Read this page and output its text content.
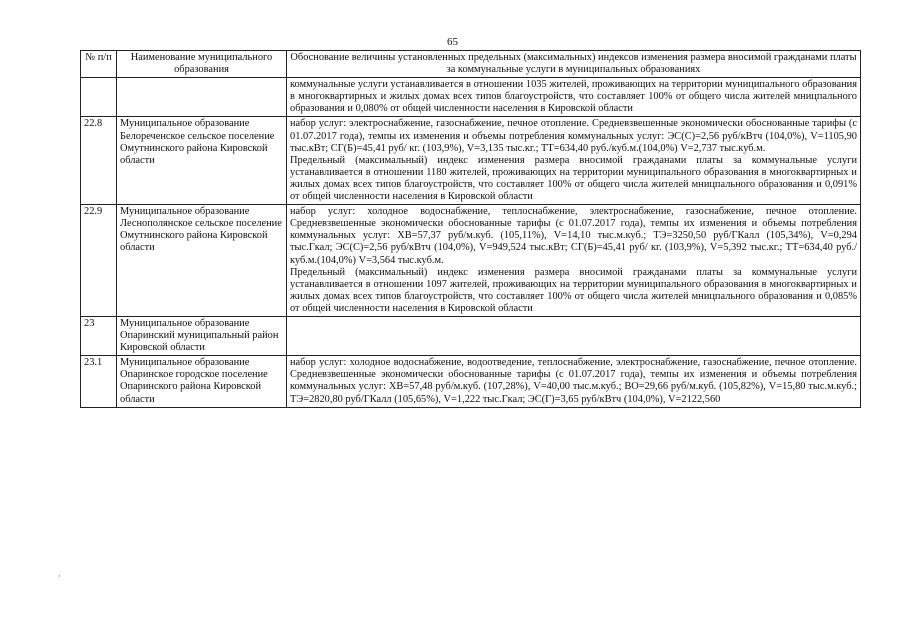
65
№ п/п	Наименование муниципального образования	Обоснование величины установленных предельных (максимальных) индексов изменения размера вносимой гражданами платы за коммунальные услуги в муниципальных образованиях

		коммунальные услуги устанавливается в отношении 1035 жителей, проживающих на территории муниципального образования в многоквартирных и жилых домах всех типов благоустройств, что составляет 100% от общего числа жителей мницпального образования и 0,080% от общей численности населения в Кировской области

22.8	Муниципальное образование Белореченское сельское поселение Омутнинского района Кировской области	набор услуг: электроснабжение, газоснабжение, печное отопление. Средневзвешенные экономически обоснованные тарифы (с 01.07.2017 года), темпы их изменения и объемы потребления коммунальных услуг: ЭС(С)=2,56 руб/кВтч (104,0%), V=1105,90 тыс.кВт; СГ(Б)=45,41 руб/ кг. (103,9%), V=3,135 тыс.кг.; ТТ=634,40 руб./куб.м.(104,0%) V=2,737 тыс.куб.м.
Предельный (максимальный) индекс изменения размера вносимой гражданами платы за коммунальные услуги устанавливается в отношении 1180 жителей, проживающих на территории муниципального образования в многоквартирных и жилых домах всех типов благоустройств, что составляет 100% от общего числа жителей мницпального образования и 0,091% от общей численности населения в Кировской области

22.9	Муниципальное образование Леснополянское сельское поселение Омутнинского района Кировской области	набор услуг: холодное водоснабжение, теплоснабжение, электроснабжение, газоснабжение, печное отопление. Средневзвешенные экономически обоснованные тарифы (с 01.07.2017 года), темпы их изменения и объемы потребления коммунальных услуг: ХВ=57,37 руб/м.куб. (105,11%), V=14,10 тыс.м.куб.; ТЭ=3250,50 руб/ГКалл (105,34%), V=0,294 тыс.Гкал; ЭС(С)=2,56 руб/кВтч (104,0%), V=949,524 тыс.кВт; СГ(Б)=45,41 руб/ кг. (103,9%), V=5,392 тыс.кг.; ТТ=634,40 руб./куб.м.(104,0%) V=3,564 тыс.куб.м.
Предельный (максимальный) индекс изменения размера вносимой гражданами платы за коммунальные услуги устанавливается в отношении 1097 жителей, проживающих на территории муниципального образования в многоквартирных и жилых домах всех типов благоустройств, что составляет 100% от общего числа жителей мницпального образования и 0,085% от общей численности населения в Кировской области

23	Муниципальное образование Опаринский муниципальный район Кировской области	
23.1	Муниципальное образование Опаринское городское поселение Опаринского района Кировской области	набор услуг: холодное водоснабжение, водоотведение, теплоснабжение, электроснабжение, газоснабжение, печное отопление. Средневзвешенные экономически обоснованные тарифы (с 01.07.2017 года), темпы их изменения и объемы потребления коммунальных услуг: ХВ=57,48 руб/м.куб. (107,28%), V=40,00 тыс.м.куб.; ВО=29,66 руб/м.куб. (105,82%), V=15,80 тыс.м.куб.; ТЭ=2820,80 руб/ГКалл (105,65%), V=1,222 тыс.Гкал; ЭС(Г)=3,65 руб/кВтч (104,0%), V=2122,560
·
